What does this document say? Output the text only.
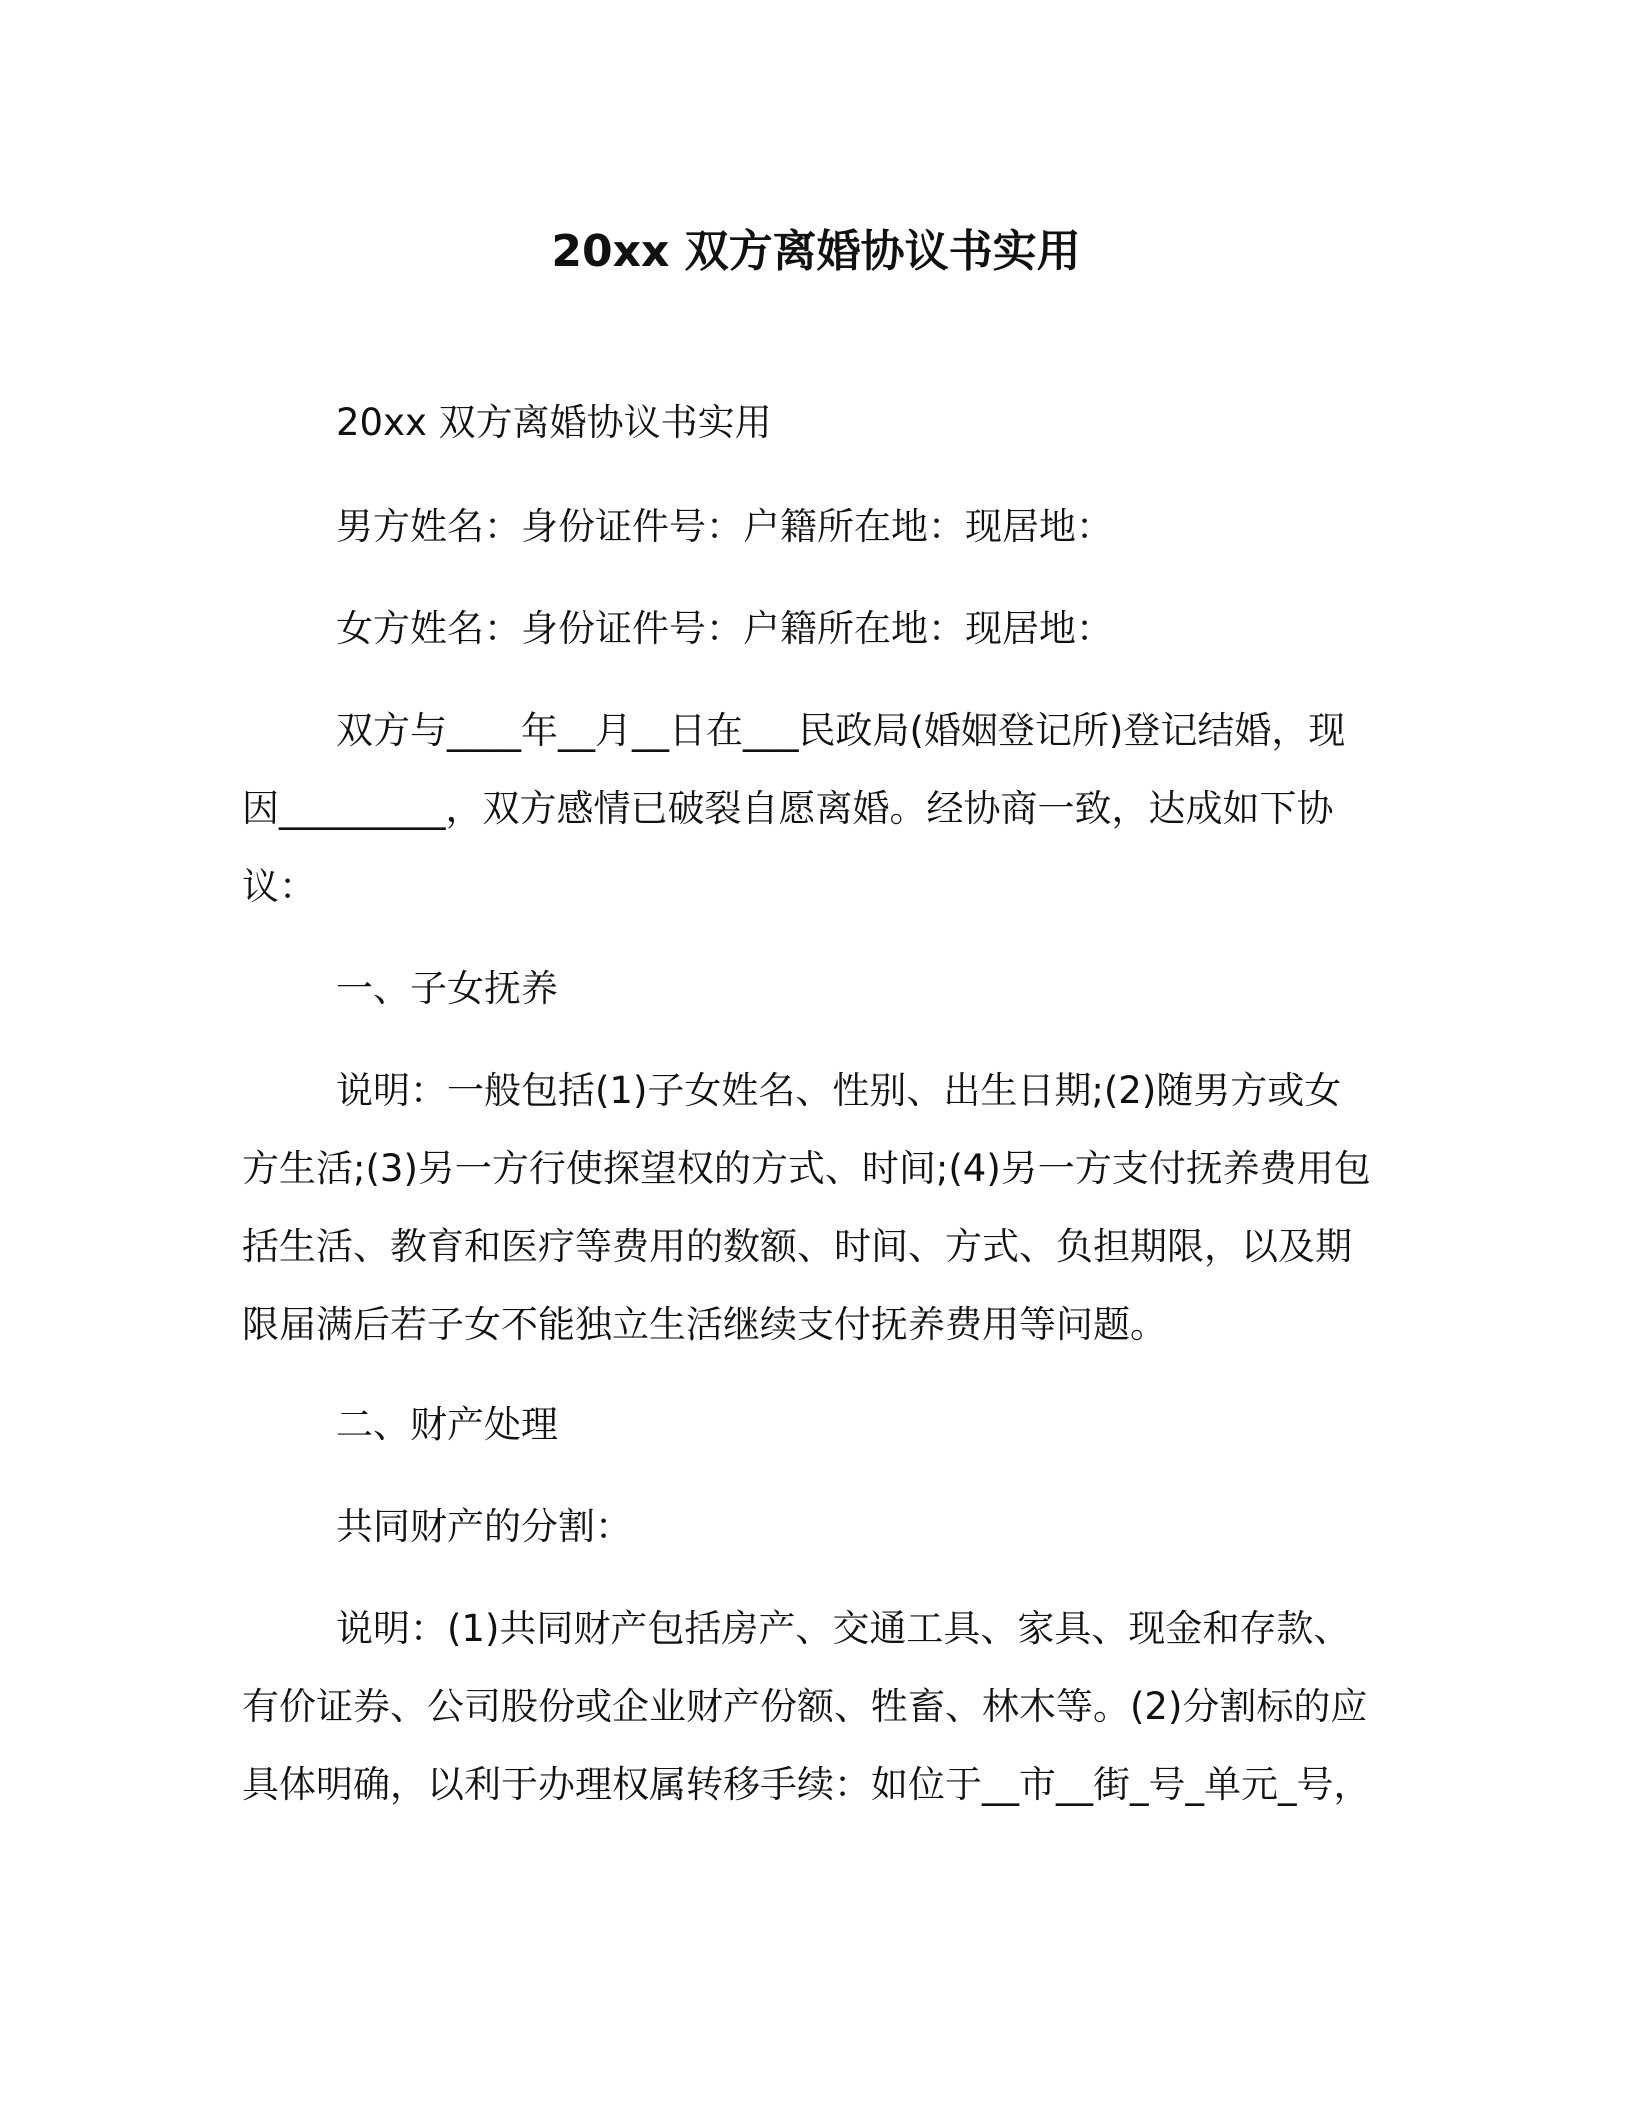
20xx 双方离婚协议书实用

20xx 双方离婚协议书实用

男方姓名：身份证件号：户籍所在地：现居地：

女方姓名：身份证件号：户籍所在地：现居地：

双方与____年__月__日在___民政局(婚姻登记所)登记结婚，现因_________，双方感情已破裂自愿离婚。经协商一致，达成如下协议：

一、子女抚养

说明：一般包括(1)子女姓名、性别、出生日期;(2)随男方或女方生活;(3)另一方行使探望权的方式、时间;(4)另一方支付抚养费用包括生活、教育和医疗等费用的数额、时间、方式、负担期限，以及期限届满后若子女不能独立生活继续支付抚养费用等问题。

二、财产处理

共同财产的分割：

说明：(1)共同财产包括房产、交通工具、家具、现金和存款、有价证券、公司股份或企业财产份额、牲畜、林木等。(2)分割标的应具体明确，以利于办理权属转移手续：如位于__市__街_号_单元_号，
